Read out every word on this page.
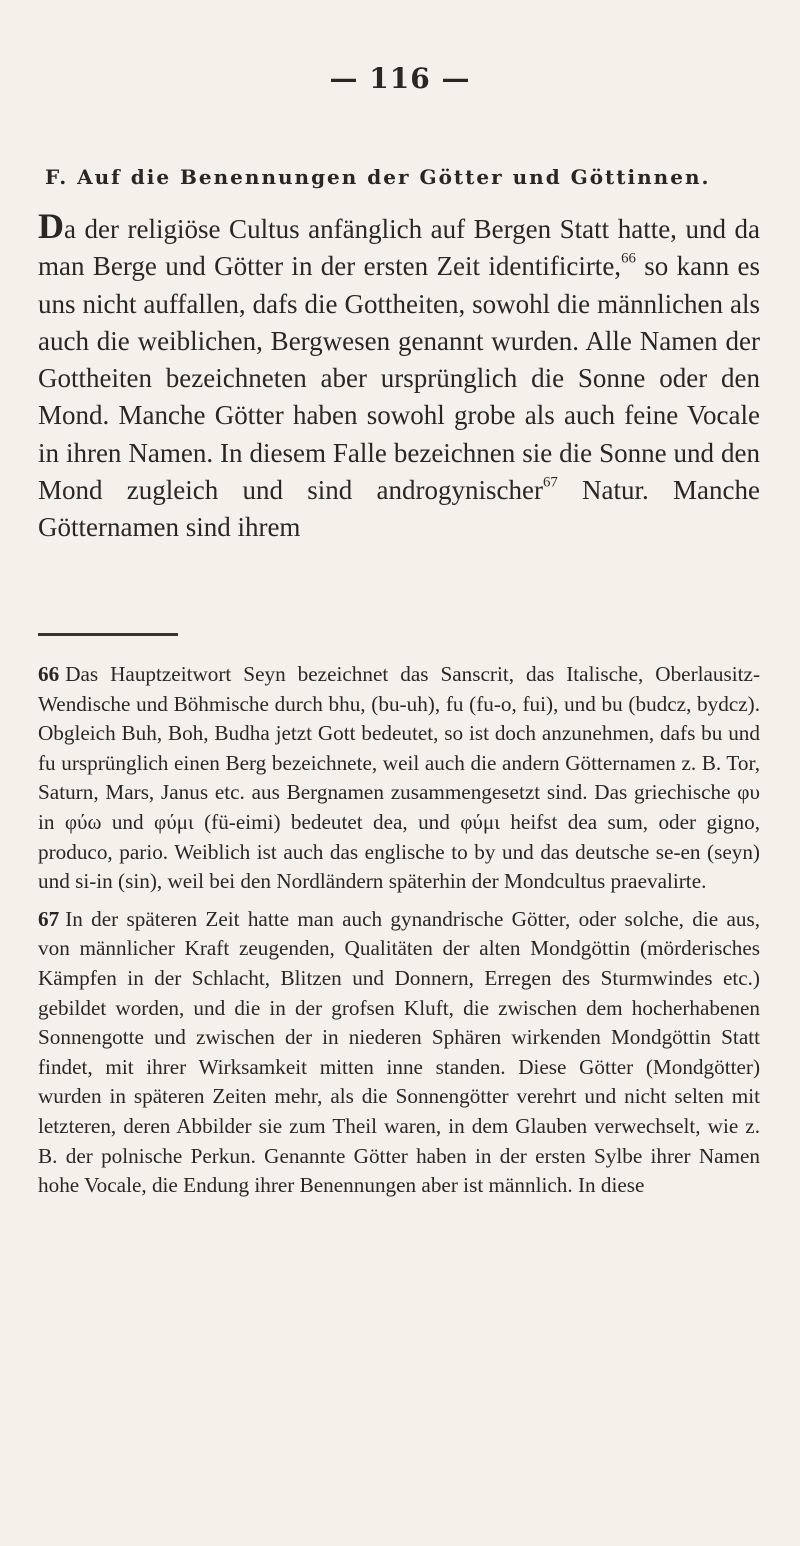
— 116 —
F. Auf die Benennungen der Götter und Göttinnen.

Da der religiöse Cultus anfänglich auf Bergen Statt hatte, und da man Berge und Götter in der ersten Zeit identificirte,$^{66}$ so kann es uns nicht auffallen, dafs die Gottheiten, sowohl die männlichen als auch die weiblichen, Bergwesen genannt wurden. Alle Namen der Gottheiten bezeichneten aber ursprünglich die Sonne oder den Mond. Manche Götter haben sowohl grobe als auch feine Vocale in ihren Namen. In diesem Falle bezeichnen sie die Sonne und den Mond zugleich und sind androgynischer$^{67}$ Natur. Manche Götternamen sind ihrem

66 Das Hauptzeitwort Seyn bezeichnet das Sanscrit, das Italische, Oberlausitz-Wendische und Böhmische durch bhu, (bu-uh), fu (fu-o, fui), und bu (budcz, bydcz). Obgleich Buh, Boh, Budha jetzt Gott bedeutet, so ist doch anzunehmen, dafs bu und fu ursprünglich einen Berg bezeichnete, weil auch die andern Götternamen z. B. Tor, Saturn, Mars, Janus etc. aus Bergnamen zusammengesetzt sind. Das griechische φυ in φύω und φύμι (fü-eimi) bedeutet dea, und φύμι heifst dea sum, oder gigno, produco, pario. Weiblich ist auch das englische to by und das deutsche se-en (seyn) und si-in (sin), weil bei den Nordländern späterhin der Mondcultus praevalirte.

67 In der späteren Zeit hatte man auch gynandrische Götter, oder solche, die aus, von männlicher Kraft zeugenden, Qualitäten der alten Mondgöttin (mörderisches Kämpfen in der Schlacht, Blitzen und Donnern, Erregen des Sturmwindes etc.) gebildet worden, und die in der grofsen Kluft, die zwischen dem hocherhabenen Sonnengotte und zwischen der in niederen Sphären wirkenden Mondgöttin Statt findet, mit ihrer Wirksamkeit mitten inne standen. Diese Götter (Mondgötter) wurden in späteren Zeiten mehr, als die Sonnengötter verehrt und nicht selten mit letzteren, deren Abbilder sie zum Theil waren, in dem Glauben verwechselt, wie z. B. der polnische Perkun. Genannte Götter haben in der ersten Sylbe ihrer Namen hohe Vocale, die Endung ihrer Benennungen aber ist männlich. In diese
